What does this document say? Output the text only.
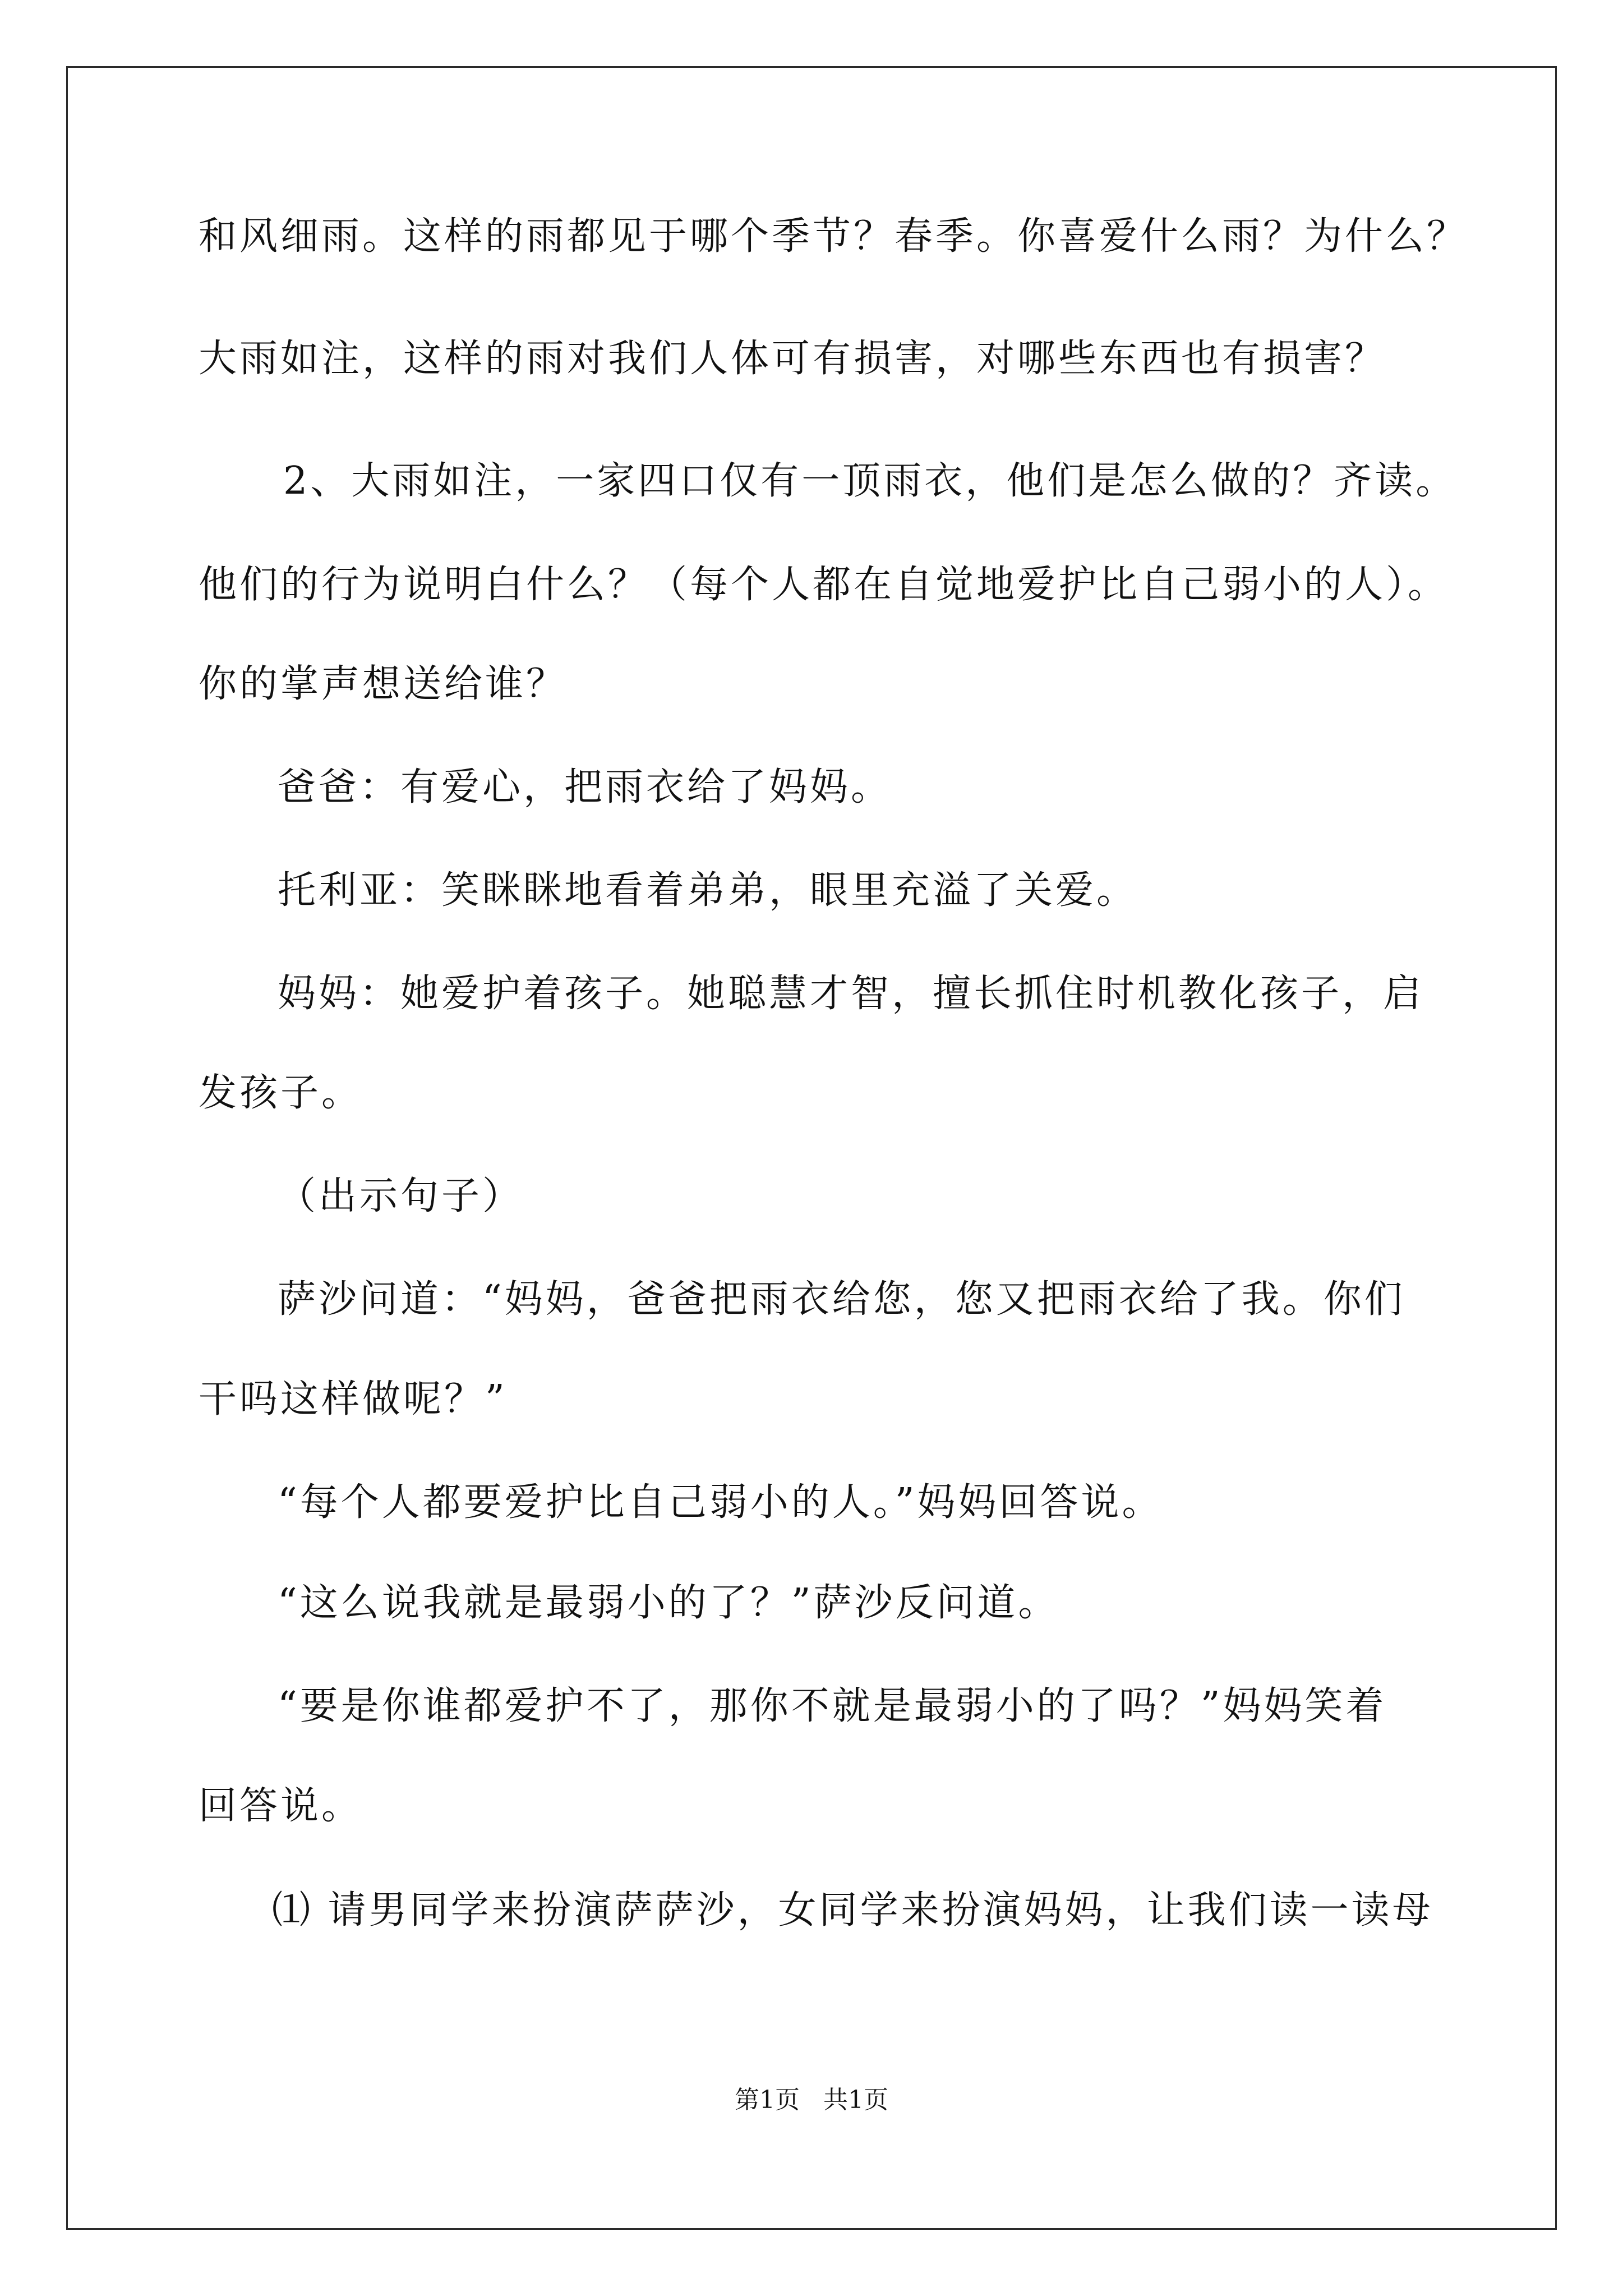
和风细雨。这样的雨都见于哪个季节？春季。你喜爱什么雨？为什么？
大雨如注，这样的雨对我们人体可有损害，对哪些东西也有损害？
2、大雨如注，一家四口仅有一顶雨衣，他们是怎么做的？齐读。
他们的行为说明白什么？（每个人都在自觉地爱护比自己弱小的人）。
你的掌声想送给谁？
爸爸：有爱心，把雨衣给了妈妈。
托利亚：笑眯眯地看着弟弟，眼里充溢了关爱。
妈妈：她爱护着孩子。她聪慧才智，擅长抓住时机教化孩子，启
发孩子。
（出示句子）
萨沙问道：“妈妈，爸爸把雨衣给您，您又把雨衣给了我。你们
干吗这样做呢？”
“每个人都要爱护比自己弱小的人。”妈妈回答说。
“这么说我就是最弱小的了？”萨沙反问道。
“要是你谁都爱护不了，那你不就是最弱小的了吗？”妈妈笑着
回答说。
⑴ 请男同学来扮演萨萨沙，女同学来扮演妈妈，让我们读一读母
第1页   共1页
